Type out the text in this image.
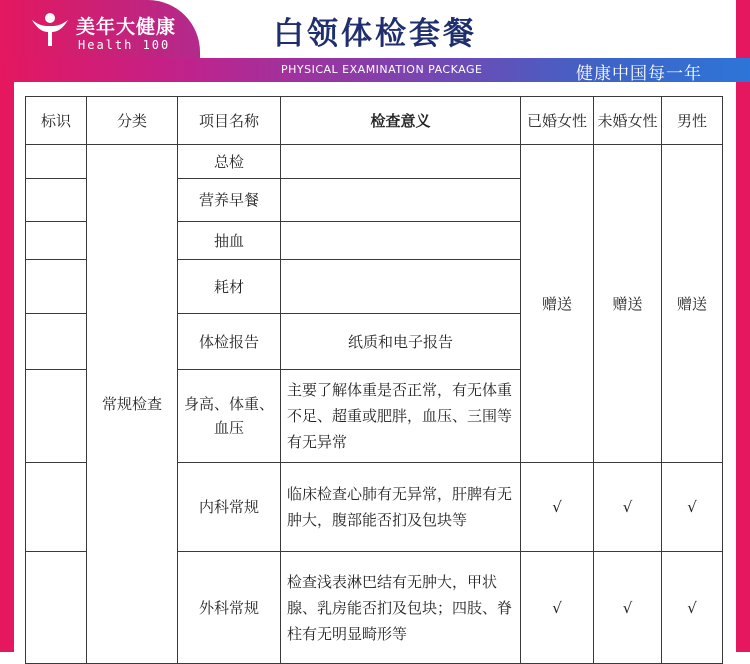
美年大健康
Health 100	白领体检套餐
PHYSICAL EXAMINATION PACKAGE	健康中国每一年
标识	分类	项目名称	检查意义	已婚女性	未婚女性	男性
	常规检查	总检		赠送	赠送	赠送
		营养早餐				
		抽血				
		耗材				
		体检报告	纸质和电子报告			
		身高、体重、血压	主要了解体重是否正常，有无体重不足、超重或肥胖，血压、三围等有无异常			
		内科常规	临床检查心肺有无异常，肝脾有无肿大，腹部能否扪及包块等	√	√	√
		外科常规	检查浅表淋巴结有无肿大，甲状腺、乳房能否扪及包块；四肢、脊柱有无明显畸形等	√	√	√
